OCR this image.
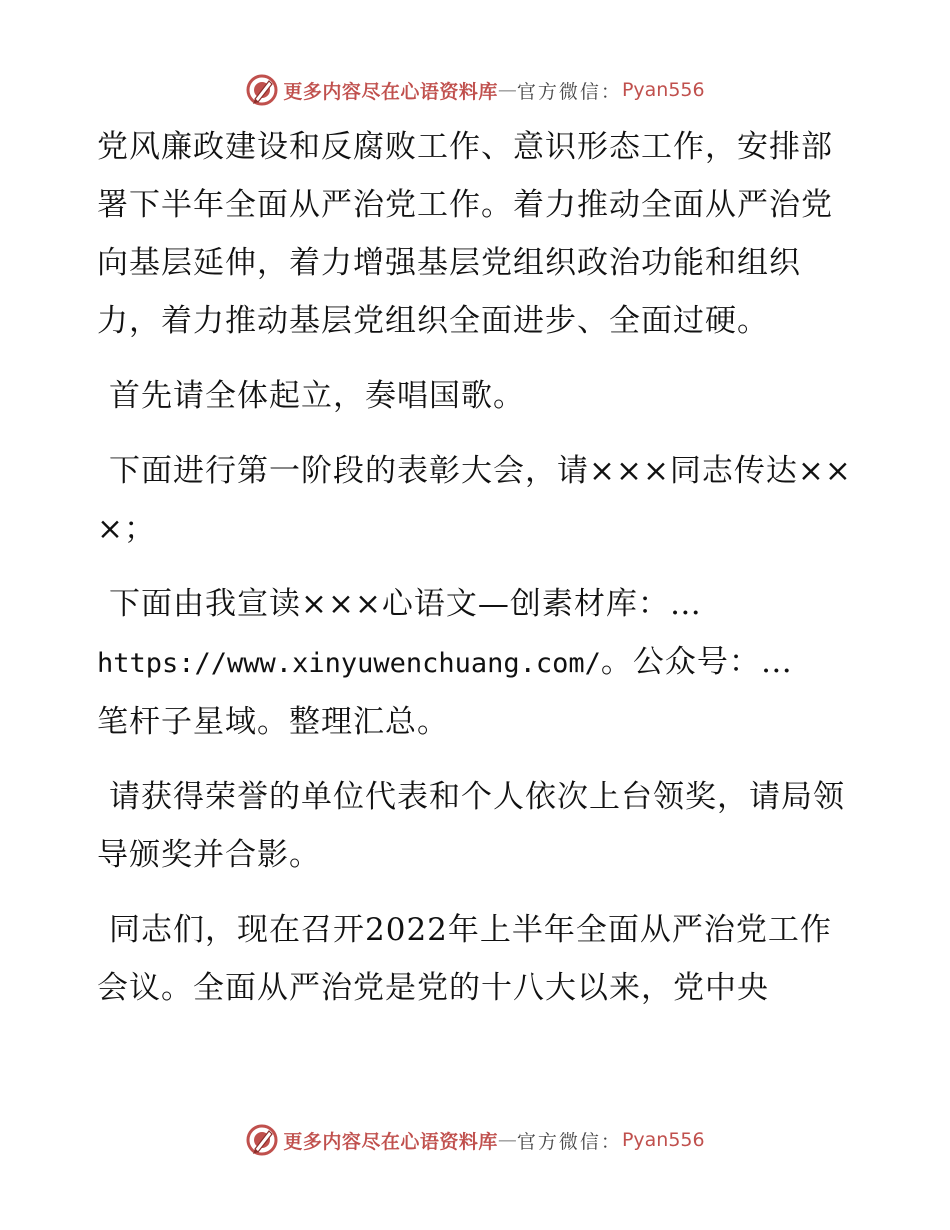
更多内容尽在心语资料库 — 官方微信： Pyan556

党风廉政建设和反腐败工作、意识形态工作，安排部署下半年全面从严治党工作。着力推动全面从严治党向基层延伸，着力增强基层党组织政治功能和组织力，着力推动基层党组织全面进步、全面过硬。

首先请全体起立，奏唱国歌。

下面进行第一阶段的表彰大会，请×××同志传达×××；

下面由我宣读×××心语文—创素材库：…
https://www.xinyuwenchuang.com/。公众号：…
笔杆子星域。整理汇总。

请获得荣誉的单位代表和个人依次上台领奖，请局领导颁奖并合影。

同志们，现在召开2022年上半年全面从严治党工作会议。全面从严治党是党的十八大以来，党中央

更多内容尽在心语资料库 — 官方微信： Pyan556
